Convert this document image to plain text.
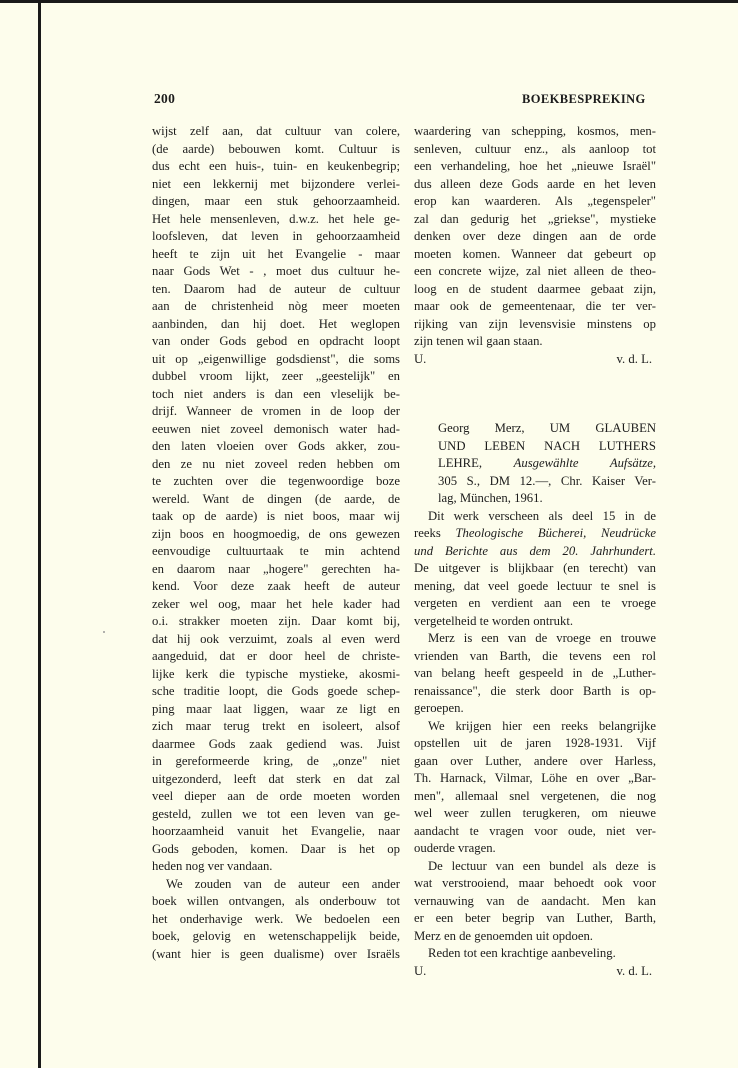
200	BOEKBESPREKING
wijst zelf aan, dat cultuur van colere,
(de aarde) bebouwen komt. Cultuur is
dus echt een huis-, tuin- en keukenbegrip;
niet een lekkernij met bijzondere verlei-
dingen, maar een stuk gehoorzaamheid.
Het hele mensenleven, d.w.z. het hele ge-
loofsleven, dat leven in gehoorzaamheid
heeft te zijn uit het Evangelie - maar
naar Gods Wet - , moet dus cultuur he-
ten. Daarom had de auteur de cultuur
aan de christenheid nòg meer moeten
aanbinden, dan hij doet. Het weglopen
van onder Gods gebod en opdracht loopt
uit op „eigenwillige godsdienst", die soms
dubbel vroom lijkt, zeer „geestelijk" en
toch niet anders is dan een vleselijk be-
drijf. Wanneer de vromen in de loop der
eeuwen niet zoveel demonisch water had-
den laten vloeien over Gods akker, zou-
den ze nu niet zoveel reden hebben om
te zuchten over die tegenwoordige boze
wereld. Want de dingen (de aarde, de
taak op de aarde) is niet boos, maar wij
zijn boos en hoogmoedig, de ons gewezen
eenvoudige cultuurtaak te min achtend
en daarom naar „hogere" gerechten ha-
kend. Voor deze zaak heeft de auteur
zeker wel oog, maar het hele kader had
o.i. strakker moeten zijn. Daar komt bij,
dat hij ook verzuimt, zoals al even werd
aangeduid, dat er door heel de christe-
lijke kerk die typische mystieke, akosmi-
sche traditie loopt, die Gods goede schep-
ping maar laat liggen, waar ze ligt en
zich maar terug trekt en isoleert, alsof
daarmee Gods zaak gediend was. Juist
in gereformeerde kring, de „onze" niet
uitgezonderd, leeft dat sterk en dat zal
veel dieper aan de orde moeten worden
gesteld, zullen we tot een leven van ge-
hoorzaamheid vanuit het Evangelie, naar
Gods geboden, komen. Daar is het op
heden nog ver vandaan.
We zouden van de auteur een ander
boek willen ontvangen, als onderbouw tot
het onderhavige werk. We bedoelen een
boek, gelovig en wetenschappelijk beide,
(want hier is geen dualisme) over Israëls
waardering van schepping, kosmos, men-
senleven, cultuur enz., als aanloop tot
een verhandeling, hoe het „nieuwe Israël"
dus alleen deze Gods aarde en het leven
erop kan waarderen. Als „tegenspeler"
zal dan gedurig het „griekse", mystieke
denken over deze dingen aan de orde
moeten komen. Wanneer dat gebeurt op
een concrete wijze, zal niet alleen de theo-
loog en de student daarmee gebaat zijn,
maar ook de gemeentenaar, die ter ver-
rijking van zijn levensvisie minstens op
zijn tenen wil gaan staan.
U.	v. d. L.
Georg Merz, UM GLAUBEN
UND LEBEN NACH LUTHERS
LEHRE, Ausgewählte Aufsätze,
305 S., DM 12.—, Chr. Kaiser Ver-
lag, München, 1961.
Dit werk verscheen als deel 15 in de
reeks Theologische Bücherei, Neudrücke
und Berichte aus dem 20. Jahrhundert.
De uitgever is blijkbaar (en terecht) van
mening, dat veel goede lectuur te snel is
vergeten en verdient aan een te vroege
vergetelheid te worden ontrukt.
Merz is een van de vroege en trouwe
vrienden van Barth, die tevens een rol
van belang heeft gespeeld in de „Luther-
renaissance", die sterk door Barth is op-
geroepen.
We krijgen hier een reeks belangrijke
opstellen uit de jaren 1928-1931. Vijf
gaan over Luther, andere over Harless,
Th. Harnack, Vilmar, Löhe en over „Bar-
men", allemaal snel vergetenen, die nog
wel weer zullen terugkeren, om nieuwe
aandacht te vragen voor oude, niet ver-
ouderde vragen.
De lectuur van een bundel als deze is
wat verstrooiend, maar behoedt ook voor
vernauwing van de aandacht. Men kan
er een beter begrip van Luther, Barth,
Merz en de genoemden uit opdoen.
Reden tot een krachtige aanbeveling.
U.	v. d. L.
